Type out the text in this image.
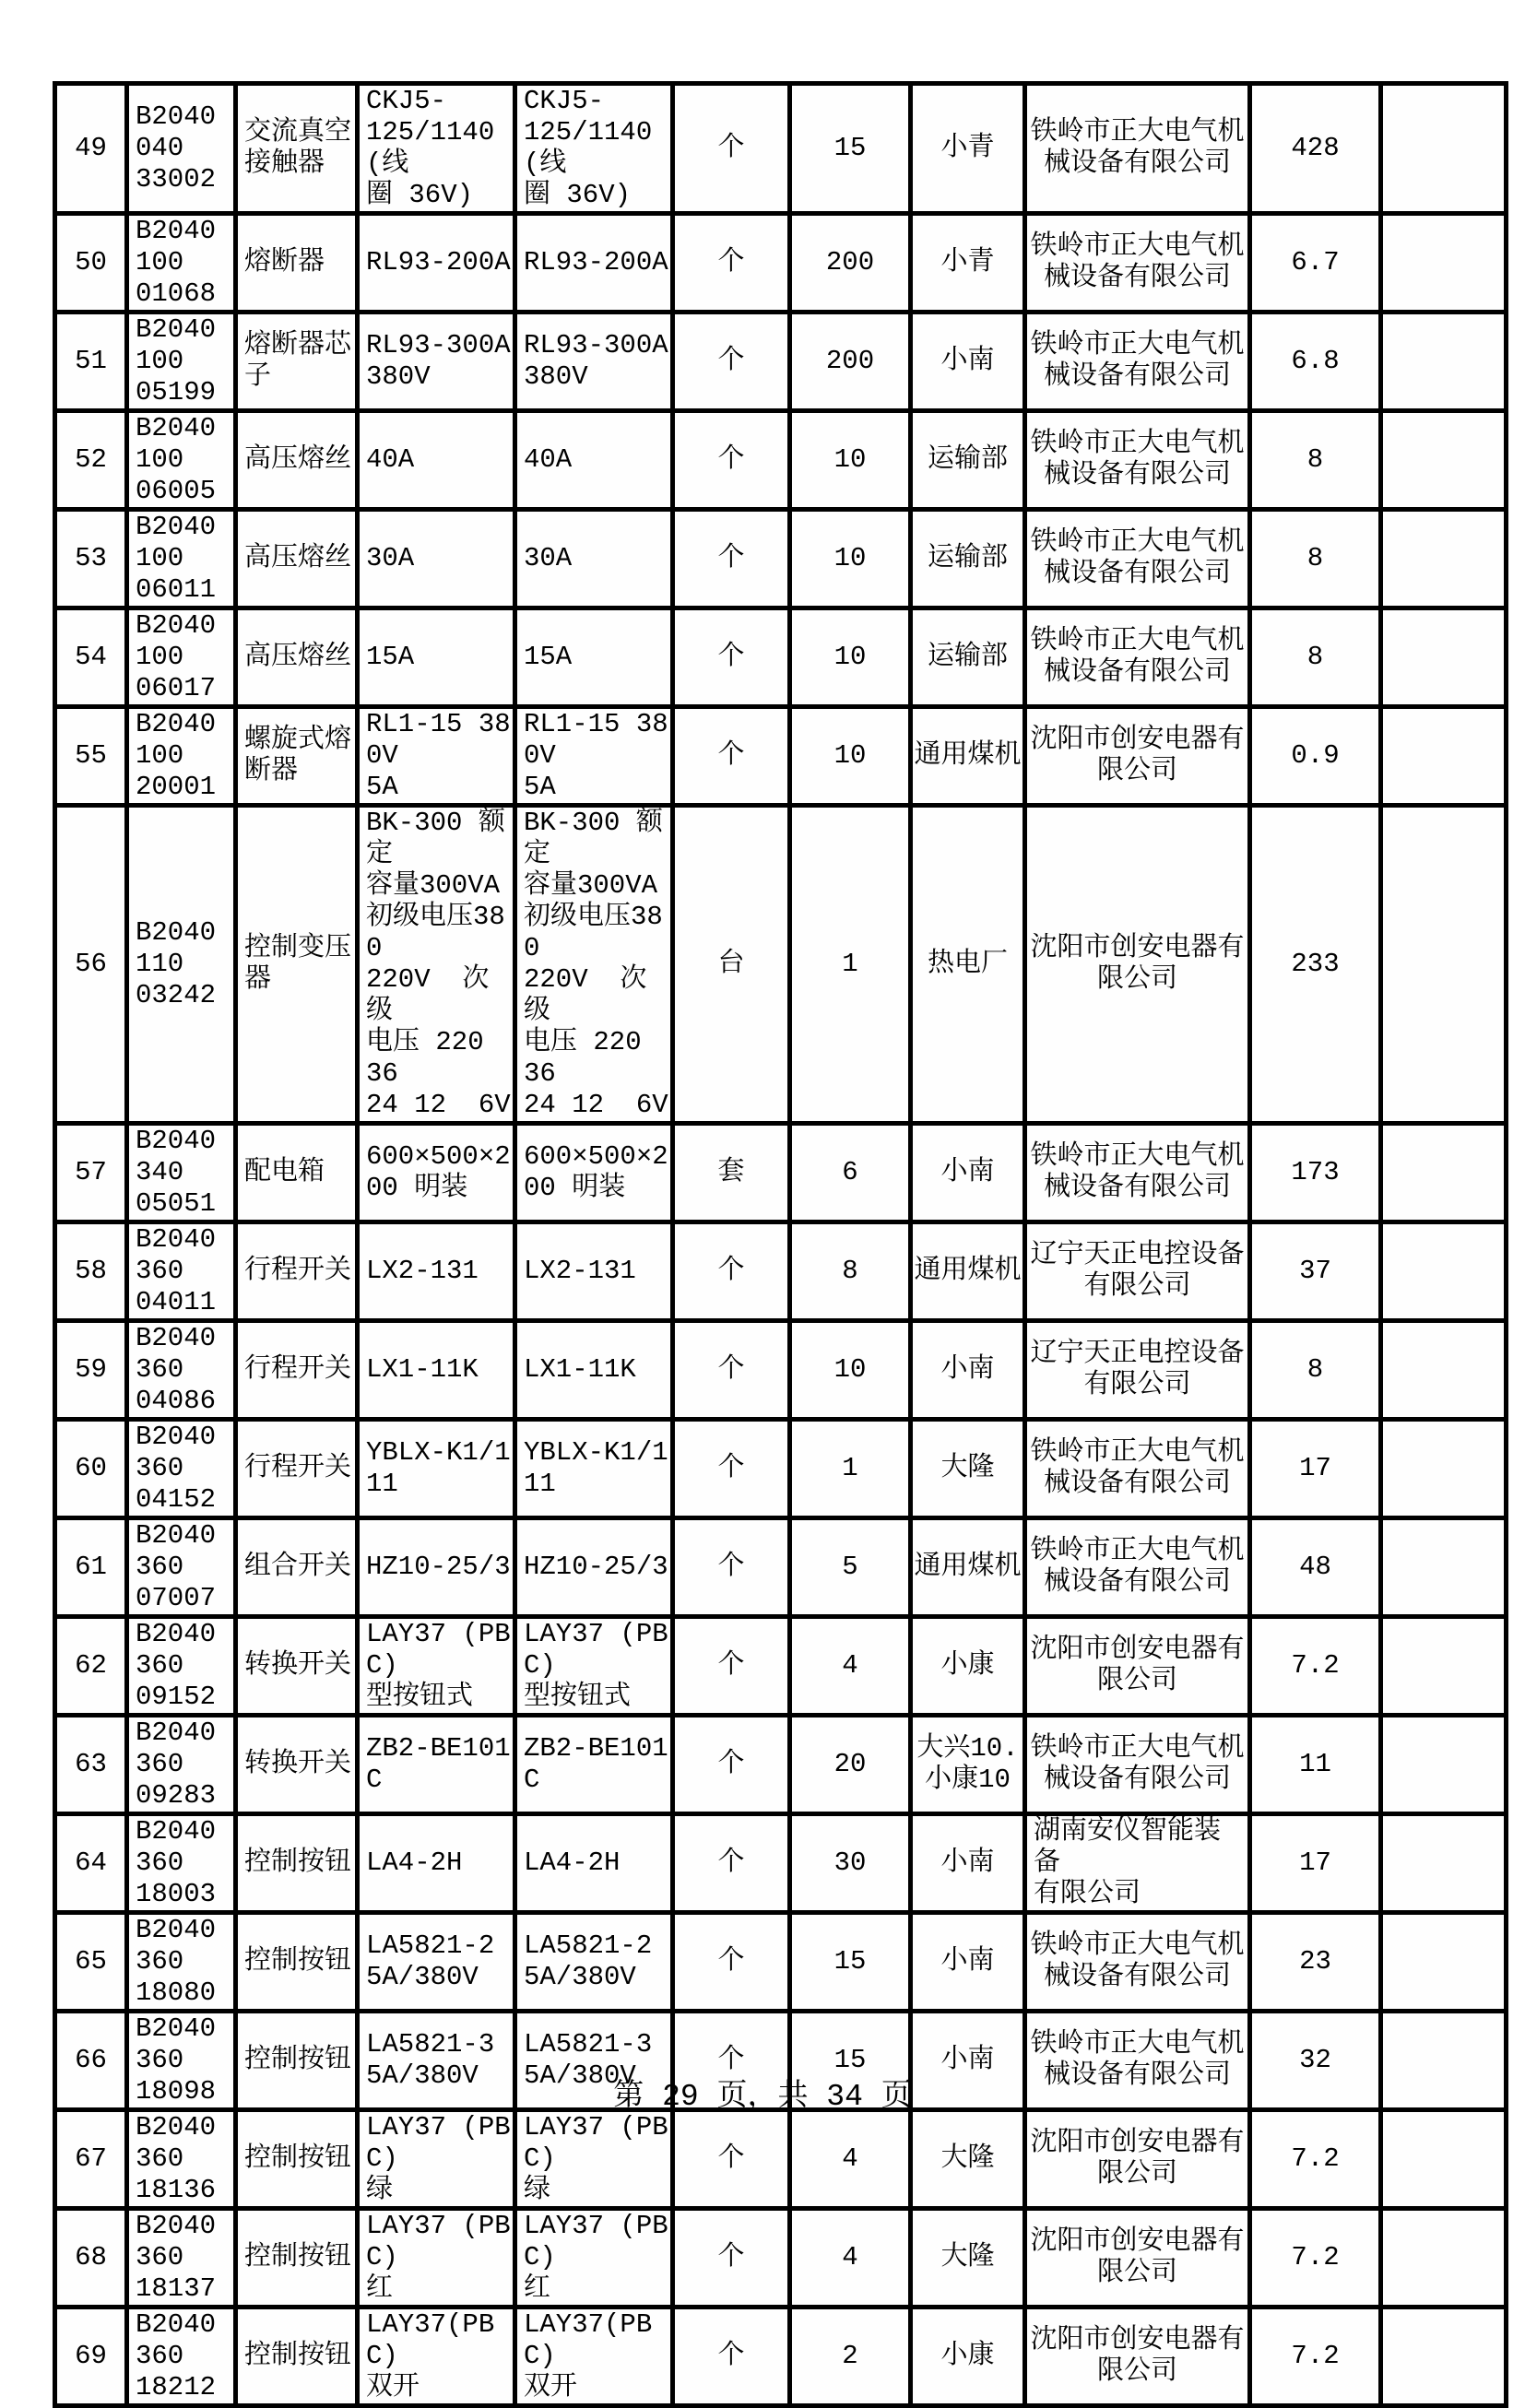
49	B2040040
33002	交流真空
接触器	CKJ5-
125/1140(线
圈 36V)	CKJ5-
125/1140(线
圈 36V)	个	15	小青	铁岭市正大电气机
械设备有限公司	428	
50	B2040100
01068	熔断器	RL93-200A	RL93-200A	个	200	小青	铁岭市正大电气机
械设备有限公司	6.7	
51	B2040100
05199	熔断器芯
子	RL93-300A
380V	RL93-300A
380V	个	200	小南	铁岭市正大电气机
械设备有限公司	6.8	
52	B2040100
06005	高压熔丝	40A	40A	个	10	运输部	铁岭市正大电气机
械设备有限公司	8	
53	B2040100
06011	高压熔丝	30A	30A	个	10	运输部	铁岭市正大电气机
械设备有限公司	8	
54	B2040100
06017	高压熔丝	15A	15A	个	10	运输部	铁岭市正大电气机
械设备有限公司	8	
55	B2040100
20001	螺旋式熔
断器	RL1-15 380V
5A	RL1-15 380V
5A	个	10	通用煤机	沈阳市创安电器有
限公司	0.9	
56	B2040110
03242	控制变压
器	BK-300 额定
容量300VA
初级电压380
220V  次级
电压 220 36
24 12  6V	BK-300 额定
容量300VA
初级电压380
220V  次级
电压 220 36
24 12  6V	台	1	热电厂	沈阳市创安电器有
限公司	233	
57	B2040340
05051	配电箱	600×500×2
00 明装	600×500×2
00 明装	套	6	小南	铁岭市正大电气机
械设备有限公司	173	
58	B2040360
04011	行程开关	LX2-131	LX2-131	个	8	通用煤机	辽宁天正电控设备
有限公司	37	
59	B2040360
04086	行程开关	LX1-11K	LX1-11K	个	10	小南	辽宁天正电控设备
有限公司	8	
60	B2040360
04152	行程开关	YBLX-K1/111	YBLX-K1/111	个	1	大隆	铁岭市正大电气机
械设备有限公司	17	
61	B2040360
07007	组合开关	HZ10-25/3	HZ10-25/3	个	5	通用煤机	铁岭市正大电气机
械设备有限公司	48	
62	B2040360
09152	转换开关	LAY37 (PBC)
型按钮式	LAY37 (PBC)
型按钮式	个	4	小康	沈阳市创安电器有
限公司	7.2	
63	B2040360
09283	转换开关	ZB2-BE101C	ZB2-BE101C	个	20	大兴10.
小康10	铁岭市正大电气机
械设备有限公司	11	
64	B2040360
18003	控制按钮	LA4-2H	LA4-2H	个	30	小南	湖南安仪智能装备
有限公司	17	
65	B2040360
18080	控制按钮	LA5821-2
5A/380V	LA5821-2
5A/380V	个	15	小南	铁岭市正大电气机
械设备有限公司	23	
66	B2040360
18098	控制按钮	LA5821-3
5A/380V	LA5821-3
5A/380V	个	15	小南	铁岭市正大电气机
械设备有限公司	32	
67	B2040360
18136	控制按钮	LAY37 (PBC)
绿	LAY37 (PBC)
绿	个	4	大隆	沈阳市创安电器有
限公司	7.2	
68	B2040360
18137	控制按钮	LAY37 (PBC)
红	LAY37 (PBC)
红	个	4	大隆	沈阳市创安电器有
限公司	7.2	
69	B2040360
18212	控制按钮	LAY37(PBC)
双开	LAY37(PBC)
双开	个	2	小康	沈阳市创安电器有
限公司	7.2	
第 29 页，共 34 页
